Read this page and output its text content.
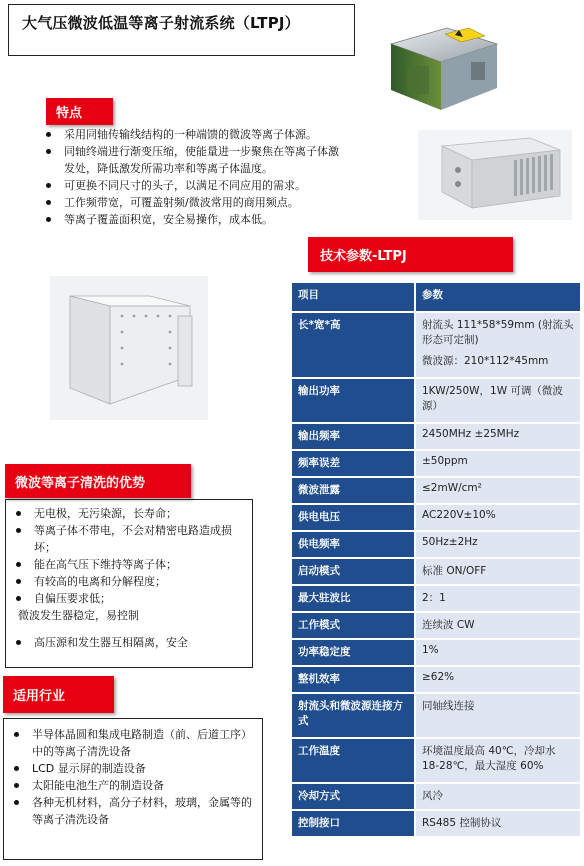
大气压微波低温等离子射流系统（LTPJ）
特点
采用同轴传输线结构的一种端馈的微波等离子体源。
同轴终端进行渐变压缩，使能量进一步聚焦在等离子体激发处，降低激发所需功率和等离子体温度。
可更换不同尺寸的头子，以满足不同应用的需求。
工作频带宽，可覆盖射频/微波常用的商用频点。
等离子覆盖面积宽，安全易操作，成本低。
技术参数-LTPJ
项目	参数
长*宽*高	射流头 111*58*59mm (射流头形态可定制)
微波源：210*112*45mm

输出功率	1KW/250W，1W 可调（微波源）
输出频率	2450MHz ±25MHz
频率误差	±50ppm
微波泄露	≤2mW/cm²
供电电压	AC220V±10%
供电频率	50Hz±2Hz
启动模式	标准 ON/OFF
最大驻波比	2：1
工作模式	连续波 CW
功率稳定度	1%
整机效率	≥62%
射流头和微波源连接方式	同轴线连接
工作温度	环境温度最高 40℃，冷却水 18-28℃，最大湿度 60%
冷却方式	风冷
控制接口	RS485 控制协议
微波等离子清洗的优势
无电极，无污染源，长寿命；
等离子体不带电，不会对精密电路造成损坏；
能在高气压下维持等离子体；
有较高的电离和分解程度；
自偏压要求低；
微波发生器稳定，易控制
高压源和发生器互相隔离，安全
适用行业
半导体晶圆和集成电路制造（前、后道工序）中的等离子清洗设备
LCD 显示屏的制造设备
太阳能电池生产的制造设备
各种无机材料，高分子材料，玻璃，金属等的等离子清洗设备
